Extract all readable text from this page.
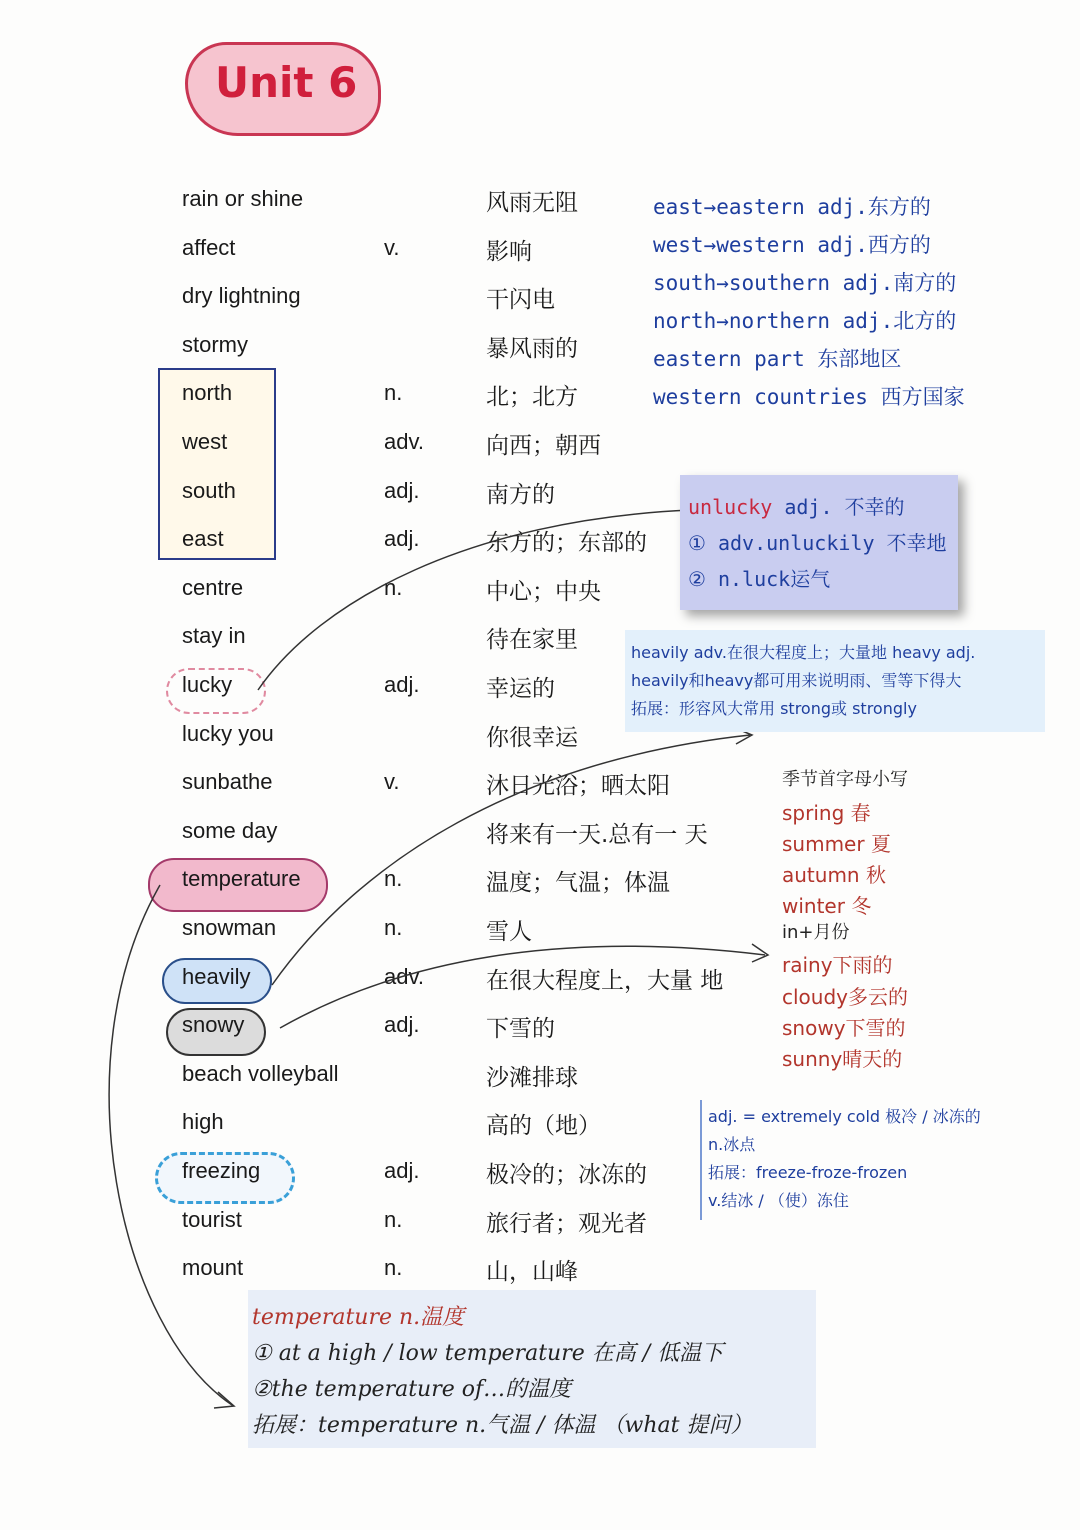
Unit 6
rain or shine	风雨无阻
affect	v.	影响
dry lightning	干闪电
stormy	暴风雨的
north	n.	北；北方
west	adv.	向西；朝西
south	adj.	南方的
east	adj.	东方的；东部的
centre	n.	中心；中央
stay in	待在家里
lucky	adj.	幸运的
lucky you	你很幸运
sunbathe	v.	沐日光浴；晒太阳
some day	将来有一天.总有一 天
temperature	n.	温度；气温；体温
snowman	n.	雪人
heavily	adv.	在很大程度上，大量 地
snowy	adj.	下雪的
beach volleyball	沙滩排球
high	高的（地）
freezing	adj.	极冷的；冰冻的
tourist	n.	旅行者；观光者
mount	n.	山，山峰
east→eastern adj.东方的
west→western adj.西方的
south→southern adj.南方的
north→northern adj.北方的
eastern part 东部地区
western countries 西方国家
unlucky adj. 不幸的
① adv.unluckily 不幸地
② n.luck运气
heavily adv.在很大程度上；大量地 heavy adj.
heavily和heavy都可用来说明雨、雪等下得大
拓展：形容风大常用 strong或 strongly
季节首字母小写
spring 春
summer 夏
autumn 秋
winter 冬
in+月份
rainy下雨的
cloudy多云的
snowy下雪的
sunny晴天的
adj. = extremely cold 极冷 / 冰冻的
n.冰点
拓展：freeze-froze-frozen
v.结冰 / （使）冻住
temperature n.温度
① at a high / low temperature 在高 / 低温下
②the temperature of…的温度
拓展：temperature n.气温 / 体温 （what 提问）
